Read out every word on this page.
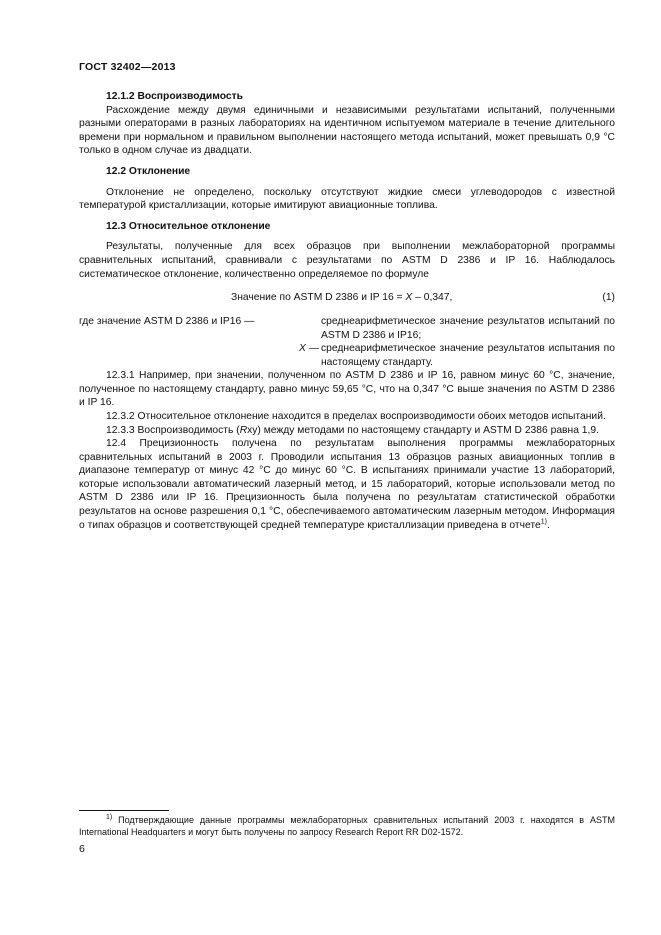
ГОСТ 32402—2013

12.1.2 Воспроизводимость

Расхождение между двумя единичными и независимыми результатами испытаний, полученными разными операторами в разных лабораториях на идентичном испытуемом материале в течение длительного времени при нормальном и правильном выполнении настоящего метода испытаний, может превышать 0,9 °С только в одном случае из двадцати.

12.2 Отклонение

Отклонение не определено, поскольку отсутствуют жидкие смеси углеводородов с известной температурой кристаллизации, которые имитируют авиационные топлива.

12.3 Относительное отклонение

Результаты, полученные для всех образцов при выполнении межлабораторной программы сравнительных испытаний, сравнивали с результатами по ASTM D 2386 и IP 16. Наблюдалось систематическое отклонение, количественно определяемое по формуле

Значение по ASTM D 2386 и IP 16 = X – 0,347,	(1)
где значение ASTM D 2386 и IP16 —	среднеарифметическое значение результатов испытаний по ASTM D 2386 и IP16;
X — среднеарифметическое значение результатов испытания по настоящему стандарту.

12.3.1 Например, при значении, полученном по ASTM D 2386 и IP 16, равном минус 60 °С, значение, полученное по настоящему стандарту, равно минус 59,65 °С, что на 0,347 °С выше значения по ASTM D 2386 и IP 16.

12.3.2 Относительное отклонение находится в пределах воспроизводимости обоих методов испытаний.

12.3.3 Воспроизводимость (Rxy) между методами по настоящему стандарту и ASTM D 2386 равна 1,9.

12.4 Прецизионность получена по результатам выполнения программы межлабораторных сравнительных испытаний в 2003 г. Проводили испытания 13 образцов разных авиационных топлив в диапазоне температур от минус 42 °С до минус 60 °С. В испытаниях принимали участие 13 лабораторий, которые использовали автоматический лазерный метод, и 15 лабораторий, которые использовали метод по ASTM D 2386 или IP 16. Прецизионность была получена по результатам статистической обработки результатов на основе разрешения 0,1 °С, обеспечиваемого автоматическим лазерным методом. Информация о типах образцов и соответствующей средней температуре кристаллизации приведена в отчете$^{1)}$.

$^{1)}$ Подтверждающие данные программы межлабораторных сравнительных испытаний 2003 г. находятся в ASTM International Headquarters и могут быть получены по запросу Research Report RR D02-1572.

6
